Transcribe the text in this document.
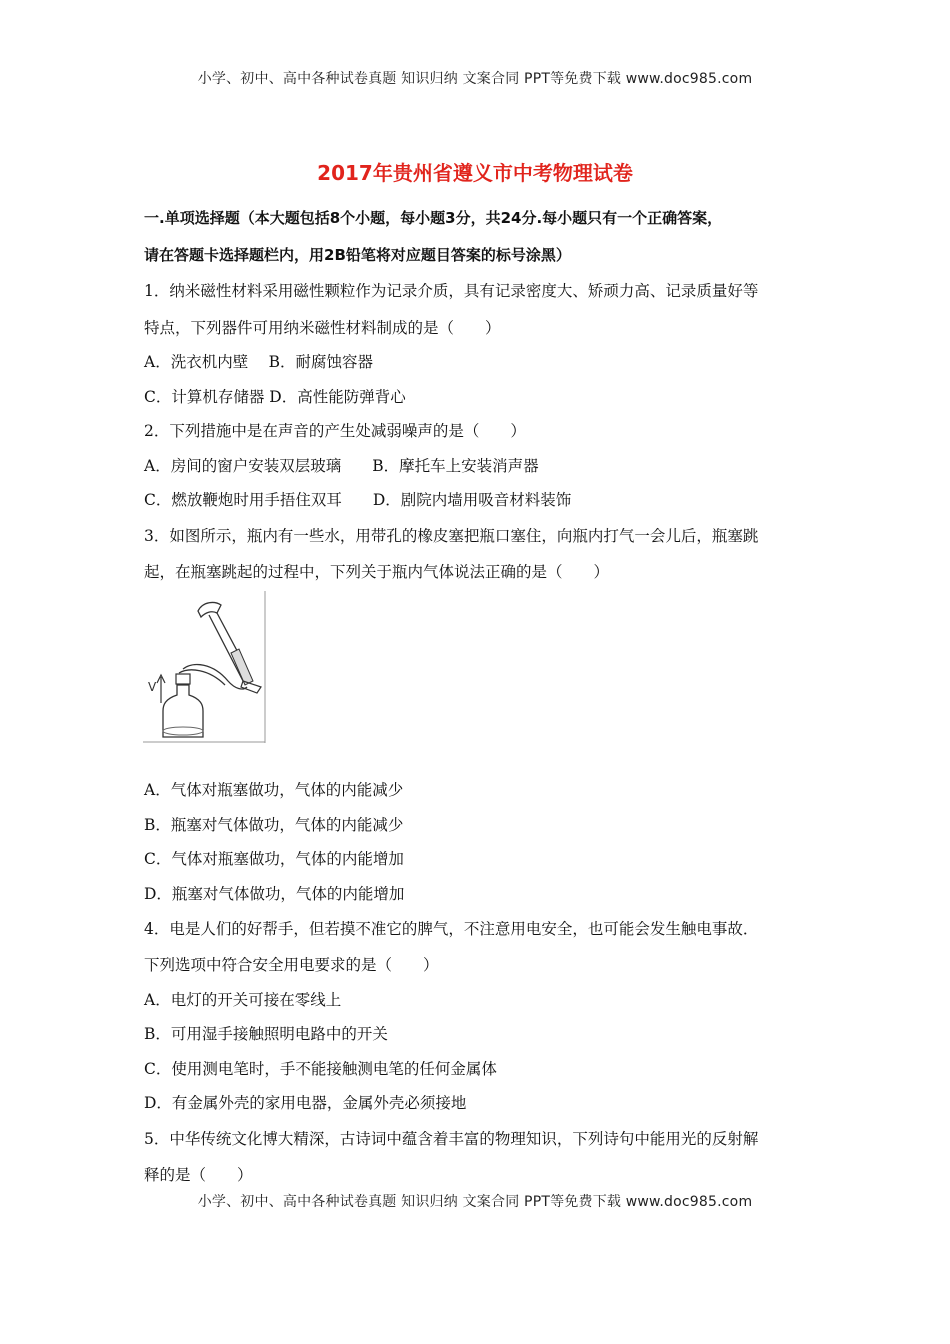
小学、初中、高中各种试卷真题 知识归纳 文案合同 PPT等免费下载 www.doc985.com
2017年贵州省遵义市中考物理试卷
一.单项选择题（本大题包括8个小题，每小题3分，共24分.每小题只有一个正确答案，
请在答题卡选择题栏内，用2B铅笔将对应题目答案的标号涂黑）
1．纳米磁性材料采用磁性颗粒作为记录介质，具有记录密度大、矫顽力高、记录质量好等
特点，下列器件可用纳米磁性材料制成的是（　　）
A．洗衣机内壁　 B．耐腐蚀容器
C．计算机存储器 D．高性能防弹背心
2．下列措施中是在声音的产生处减弱噪声的是（　　）
A．房间的窗户安装双层玻璃　　B．摩托车上安装消声器
C．燃放鞭炮时用手捂住双耳　　D．剧院内墙用吸音材料装饰
3．如图所示，瓶内有一些水，用带孔的橡皮塞把瓶口塞住，向瓶内打气一会儿后，瓶塞跳
起，在瓶塞跳起的过程中，下列关于瓶内气体说法正确的是（　　）
V
A．气体对瓶塞做功，气体的内能减少
B．瓶塞对气体做功，气体的内能减少
C．气体对瓶塞做功，气体的内能增加
D．瓶塞对气体做功，气体的内能增加
4．电是人们的好帮手，但若摸不准它的脾气，不注意用电安全，也可能会发生触电事故．
下列选项中符合安全用电要求的是（　　）
A．电灯的开关可接在零线上
B．可用湿手接触照明电路中的开关
C．使用测电笔时，手不能接触测电笔的任何金属体
D．有金属外壳的家用电器，金属外壳必须接地
5．中华传统文化博大精深，古诗词中蕴含着丰富的物理知识，下列诗句中能用光的反射解
释的是（　　）
小学、初中、高中各种试卷真题 知识归纳 文案合同 PPT等免费下载 www.doc985.com
